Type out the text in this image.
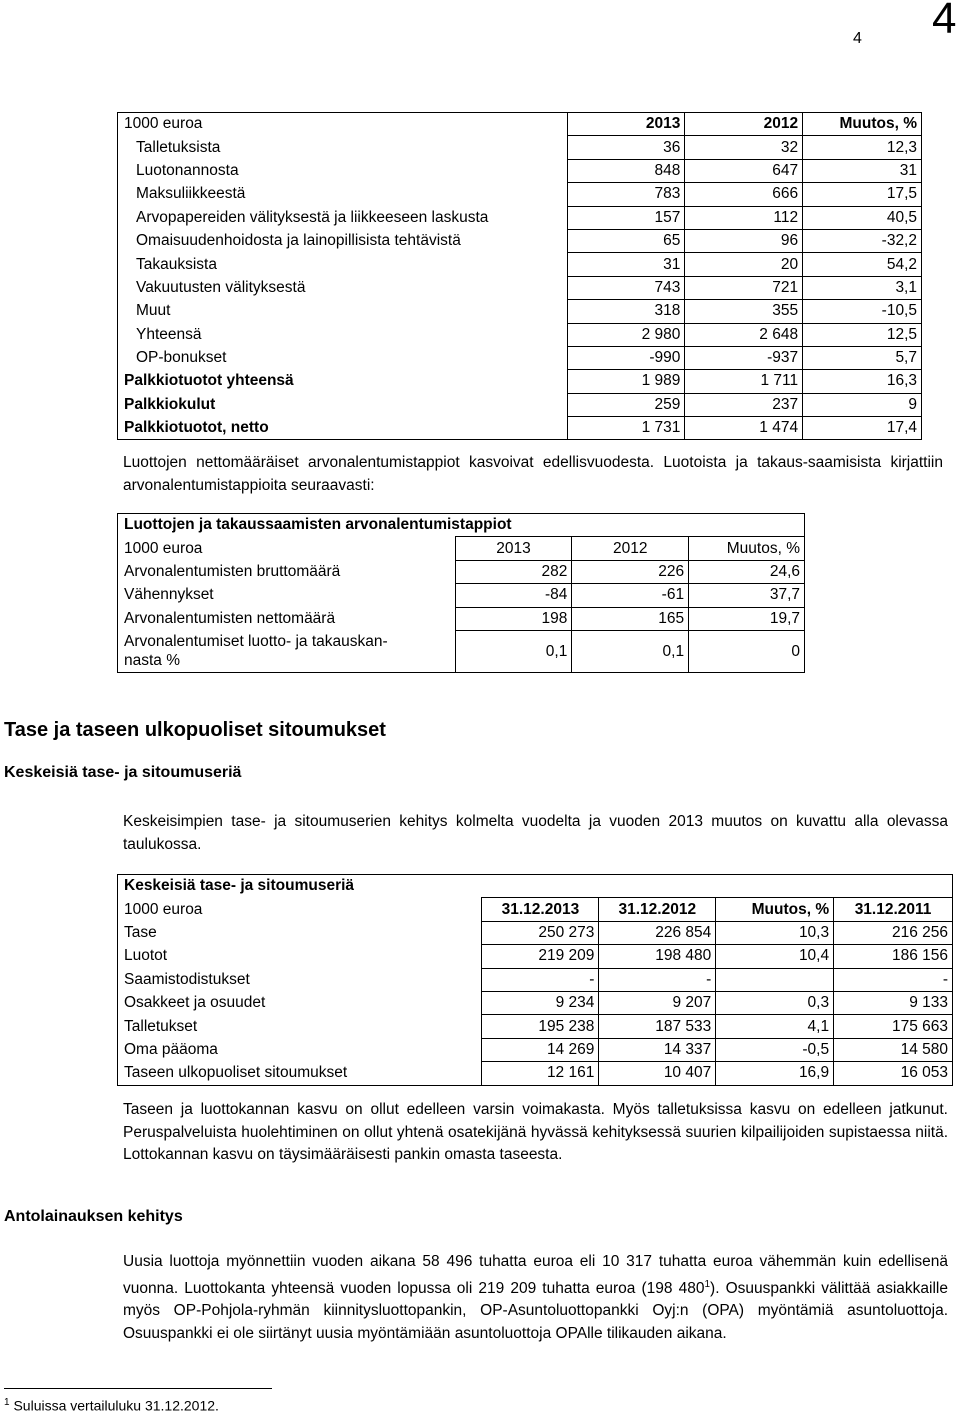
4 4
1000 euroa	2013	2012	Muutos, %
Talletuksista	36	32	12,3
Luotonannosta	848	647	31
Maksuliikkeestä	783	666	17,5
Arvopapereiden välityksestä ja liikkeeseen laskusta	157	112	40,5
Omaisuudenhoidosta ja lainopillisista tehtävistä	65	96	-32,2
Takauksista	31	20	54,2
Vakuutusten välityksestä	743	721	3,1
Muut	318	355	-10,5
Yhteensä	2 980	2 648	12,5
OP-bonukset	-990	-937	5,7
Palkkiotuotot yhteensä	1 989	1 711	16,3
Palkkiokulut	259	237	9
Palkkiotuotot, netto	1 731	1 474	17,4

Luottojen nettomääräiset arvonalentumistappiot kasvoivat edellisvuodesta. Luotoista ja takaus-saamisista kirjattiin arvonalentumistappioita seuraavasti:

Luottojen ja takaussaamisten arvonalentumistappiot			
1000 euroa	2013	2012	Muutos, %
Arvonalentumisten bruttomäärä	282	226	24,6
Vähennykset	-84	-61	37,7
Arvonalentumisten nettomäärä	198	165	19,7
Arvonalentumiset luotto- ja takauskan-
nasta %	0,1	0,1	0
Tase ja taseen ulkopuoliset sitoumukset
Keskeisiä tase- ja sitoumuseriä

Keskeisimpien tase- ja sitoumuserien kehitys kolmelta vuodelta ja vuoden 2013 muutos on kuvattu alla olevassa taulukossa.

Keskeisiä tase- ja sitoumuseriä				
1000 euroa	31.12.2013	31.12.2012	Muutos, %	31.12.2011
Tase	250 273	226 854	10,3	216 256
Luotot	219 209	198 480	10,4	186 156
Saamistodistukset	-	-		-
Osakkeet ja osuudet	9 234	9 207	0,3	9 133
Talletukset	195 238	187 533	4,1	175 663
Oma pääoma	14 269	14 337	-0,5	14 580
Taseen ulkopuoliset sitoumukset	12 161	10 407	16,9	16 053

Taseen ja luottokannan kasvu on ollut edelleen varsin voimakasta. Myös talletuksissa kasvu on edelleen jatkunut. Peruspalveluista huolehtiminen on ollut yhtenä osatekijänä hyvässä kehityksessä suurien kilpailijoiden supistaessa niitä. Lottokannan kasvu on täysimääräisesti pankin omasta taseesta.

Antolainauksen kehitys

Uusia luottoja myönnettiin vuoden aikana 58 496 tuhatta euroa eli 10 317 tuhatta euroa vähemmän kuin edellisenä vuonna. Luottokanta yhteensä vuoden lopussa oli 219 209 tuhatta euroa (198 $480^1$). Osuuspankki välittää asiakkaille myös OP-Pohjola-ryhmän kiinnitysluottopankin, OP-Asuntoluottopankki Oyj:n (OPA) myöntämiä asuntoluottoja. Osuuspankki ei ole siirtänyt uusia myöntämiään asuntoluottoja OPAlle tilikauden aikana.

$^1$ Suluissa vertailuluku 31.12.2012.
